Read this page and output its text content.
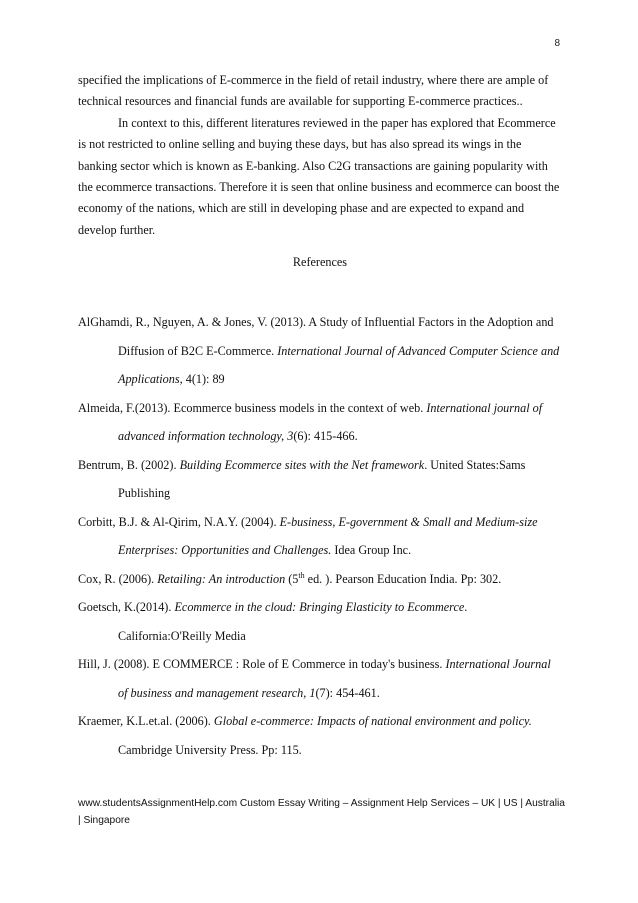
8

specified the implications of E-commerce in the field of retail industry, where there are ample of technical resources and financial funds are available for supporting E-commerce practices..

In context to this, different literatures reviewed in the paper has explored that Ecommerce is not restricted to online selling and buying these days, but has also spread its wings in the banking sector which is known as E-banking. Also C2G transactions are gaining popularity with the ecommerce transactions. Therefore it is seen that online business and ecommerce can boost the economy of the nations, which are still in developing phase and are expected to expand and develop further.

References

AlGhamdi, R., Nguyen, A. & Jones, V. (2013). A Study of Influential Factors in the Adoption and Diffusion of B2C E-Commerce. International Journal of Advanced Computer Science and Applications, 4(1): 89

Almeida, F.(2013). Ecommerce business models in the context of web. International journal of advanced information technology, 3(6): 415-466.

Bentrum, B. (2002). Building Ecommerce sites with the Net framework. United States:Sams Publishing

Corbitt, B.J. & Al-Qirim, N.A.Y. (2004). E-business, E-government & Small and Medium-size Enterprises: Opportunities and Challenges. Idea Group Inc.

Cox, R. (2006). Retailing: An introduction (5th ed. ). Pearson Education India. Pp: 302.

Goetsch, K.(2014). Ecommerce in the cloud: Bringing Elasticity to Ecommerce. California:O'Reilly Media

Hill, J. (2008). E COMMERCE : Role of E Commerce in today's business. International Journal of business and management research, 1(7): 454-461.

Kraemer, K.L.et.al. (2006). Global e-commerce: Impacts of national environment and policy. Cambridge University Press. Pp: 115.

www.studentsAssignmentHelp.com Custom Essay Writing – Assignment Help Services – UK | US | Australia | Singapore
